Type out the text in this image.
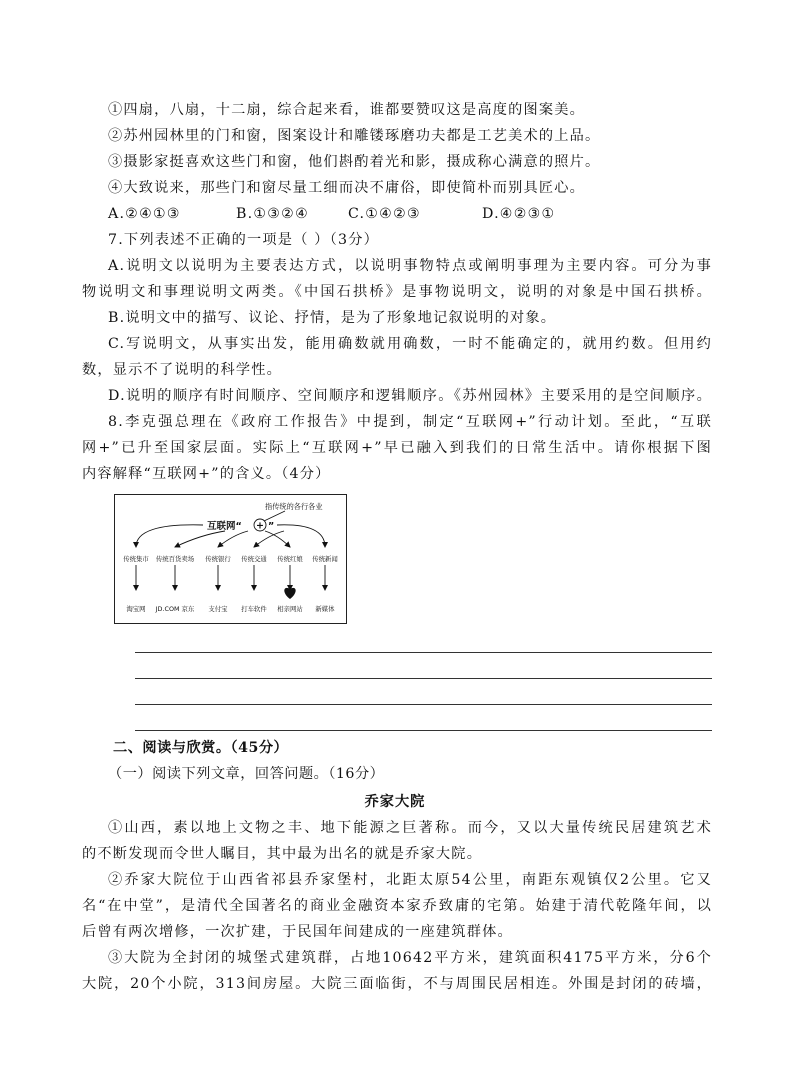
①四扇，八扇，十二扇，综合起来看，谁都要赞叹这是高度的图案美。
②苏州园林里的门和窗，图案设计和雕镂琢磨功夫都是工艺美术的上品。
③摄影家挺喜欢这些门和窗，他们斟酌着光和影，摄成称心满意的照片。
④大致说来，那些门和窗尽量工细而决不庸俗，即使简朴而别具匠心。
A.②④①③	B.①③②④	C.①④②③	D.④②③①
7.下列表述不正确的一项是（ ）（3分）
A.说明文以说明为主要表达方式，以说明事物特点或阐明事理为主要内容。可分为事
物说明文和事理说明文两类。《中国石拱桥》是事物说明文，说明的对象是中国石拱桥。
B.说明文中的描写、议论、抒情，是为了形象地记叙说明的对象。
C.写说明文，从事实出发，能用确数就用确数，一时不能确定的，就用约数。但用约
数，显示不了说明的科学性。
D.说明的顺序有时间顺序、空间顺序和逻辑顺序。《苏州园林》主要采用的是空间顺序。
8.李克强总理在《政府工作报告》中提到，制定“互联网+”行动计划。至此，“互联
网+”已升至国家层面。实际上“互联网+”早已融入到我们的日常生活中。请你根据下图
内容解释“互联网+”的含义。（4分）
指传统的各行各业
互联网“ + ”
传统集市 传统百货卖场 传统银行 传统交通 传统红娘 传统新闻
淘宝网 JD.COM 京东 支付宝 打车软件 相亲网站 新媒体
二、阅读与欣赏。（45分）
（一）阅读下列文章，回答问题。（16分）
乔家大院
①山西，素以地上文物之丰、地下能源之巨著称。而今，又以大量传统民居建筑艺术
的不断发现而令世人瞩目，其中最为出名的就是乔家大院。
②乔家大院位于山西省祁县乔家堡村，北距太原54公里，南距东观镇仅2公里。它又
名“在中堂”，是清代全国著名的商业金融资本家乔致庸的宅第。始建于清代乾隆年间，以
后曾有两次增修，一次扩建，于民国年间建成的一座建筑群体。
③大院为全封闭的城堡式建筑群，占地10642平方米，建筑面积4175平方米，分6个
大院，20个小院，313间房屋。大院三面临街，不与周围民居相连。外围是封闭的砖墙，
